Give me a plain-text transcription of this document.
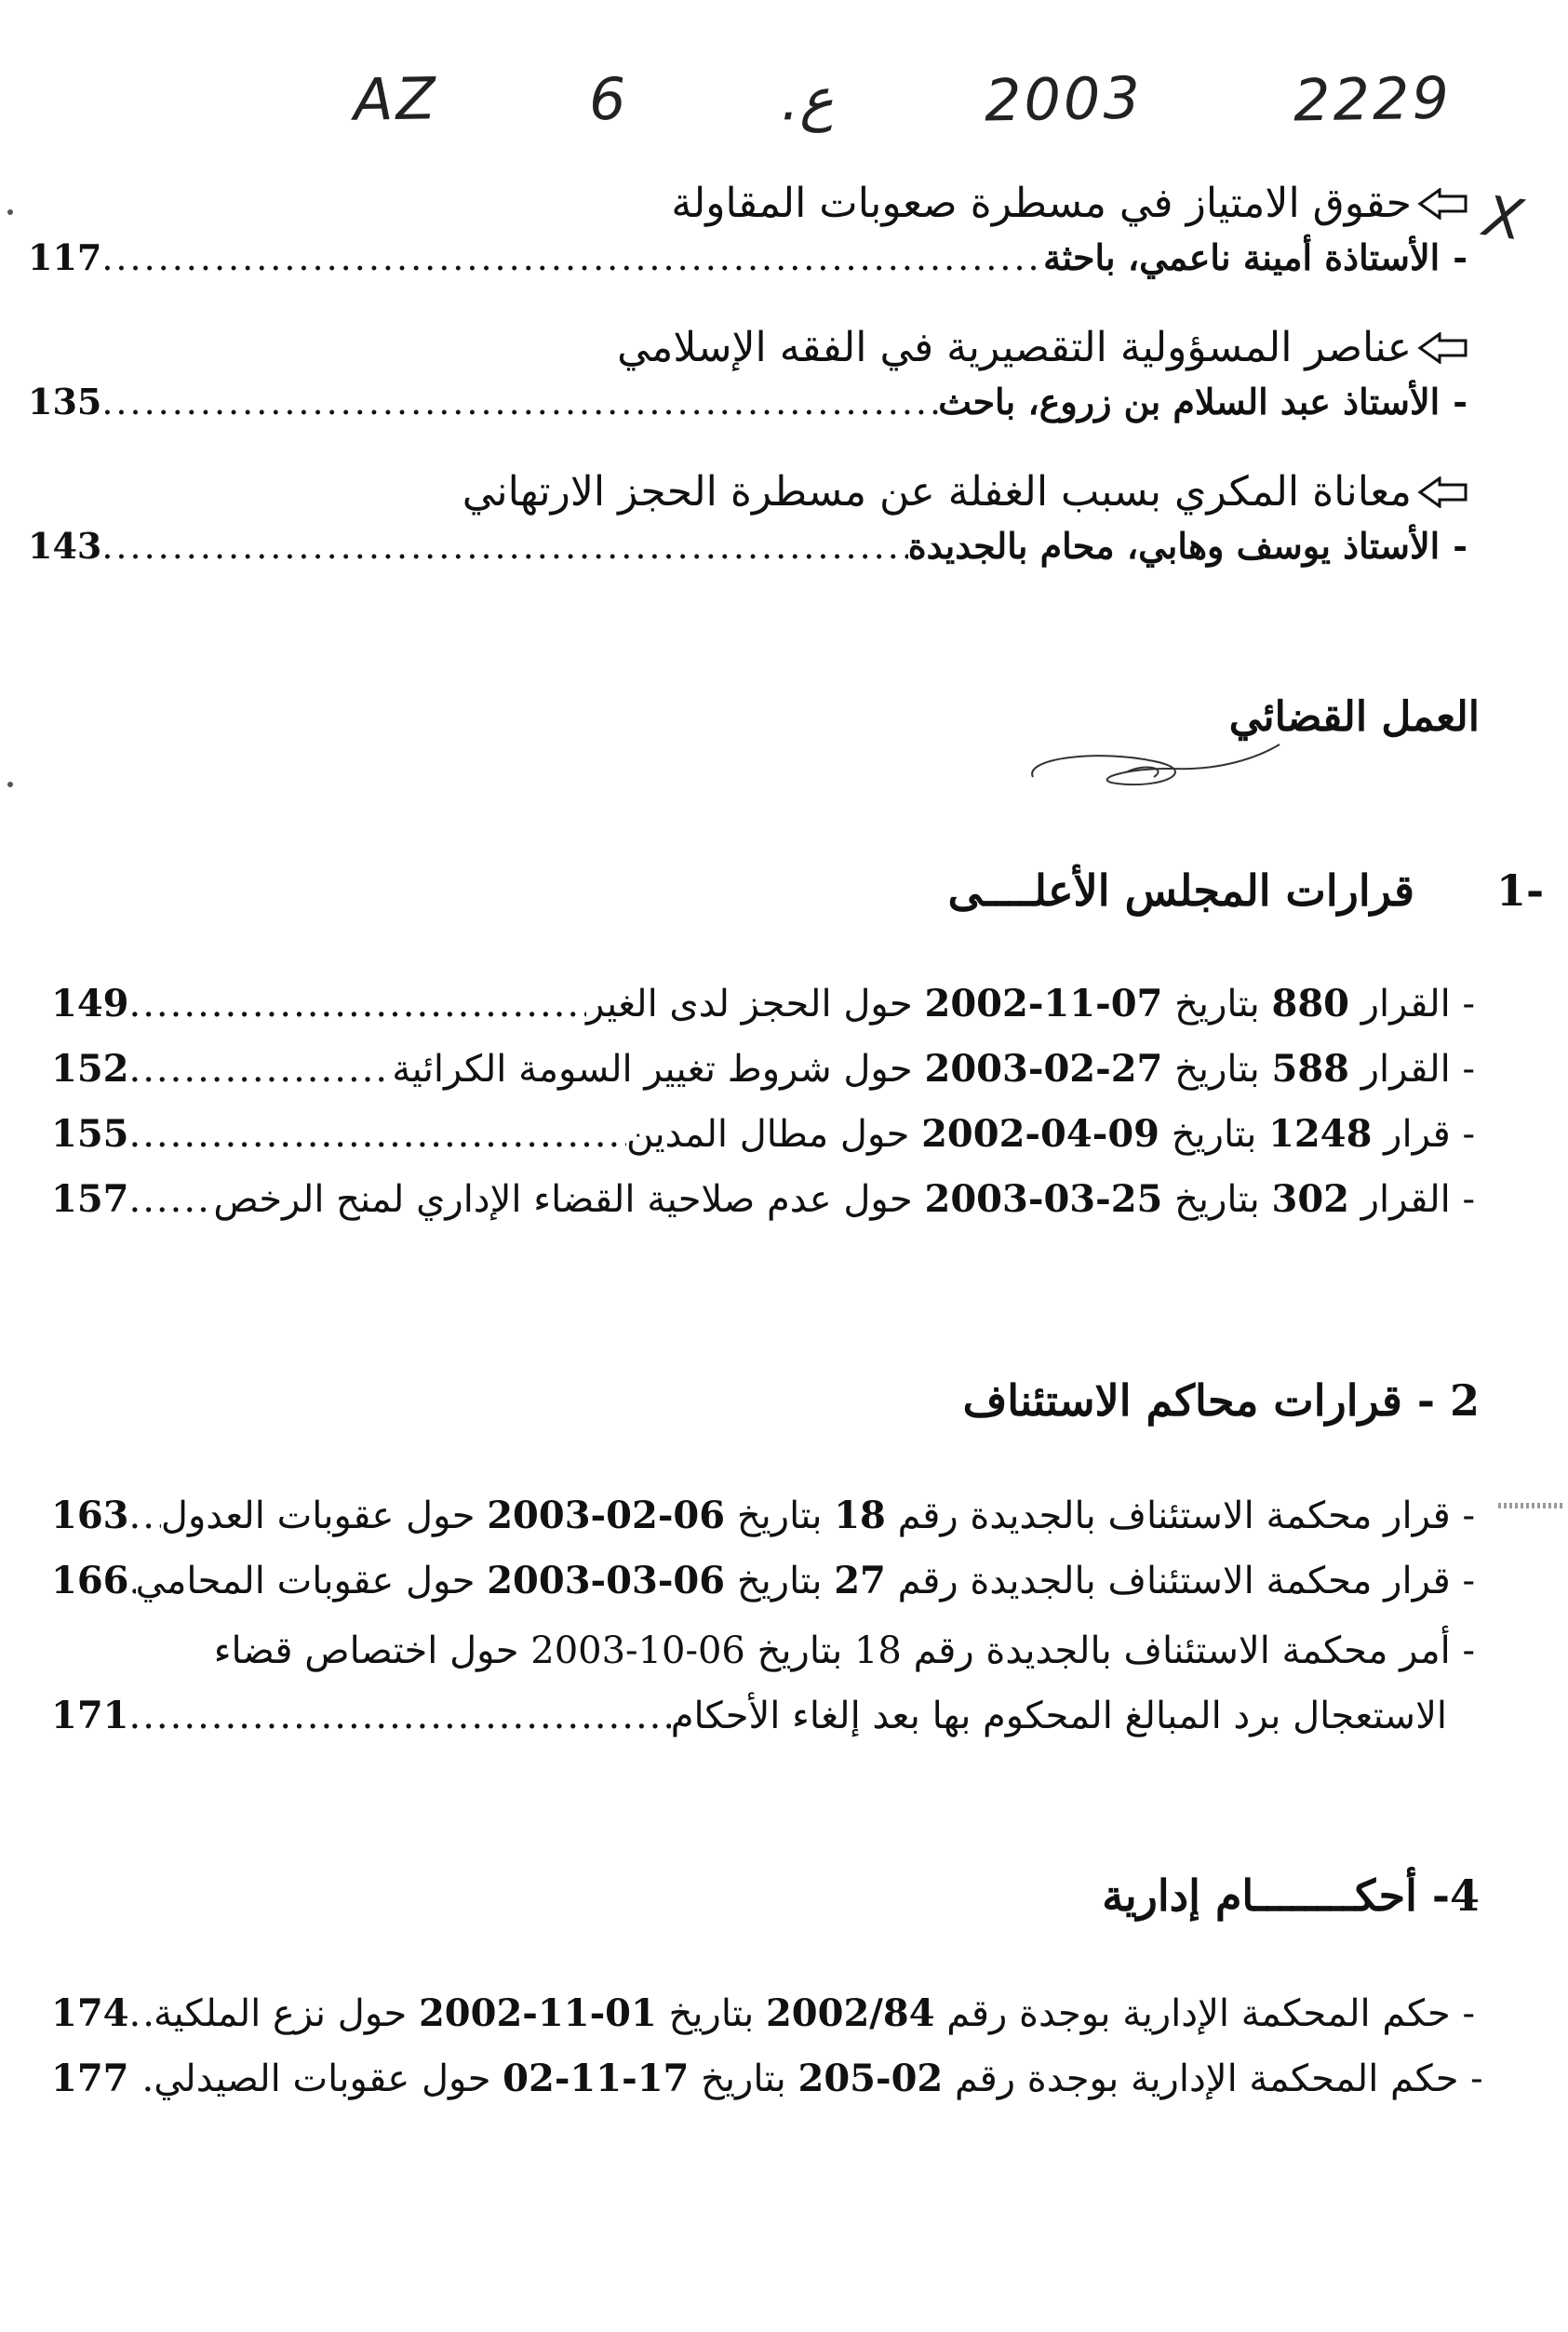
AZ	6	.ع	2003	2229
X
حقوق الامتياز في مسطرة صعوبات المقاولة
117 .....	الأستاذة أمينة ناعمي، باحثة -
عناصر المسؤولية التقصيرية في الفقه الإسلامي
135 .....	الأستاذ عبد السلام بن زروع، باحث -
معاناة المكري بسبب الغفلة عن مسطرة الحجز الارتهاني
143 .....	الأستاذ يوسف وهابي، محام بالجديدة -
العمل القضائي
1-
قرارات المجلس الأعلــــى
149 .....	- القرار 880 بتاريخ 07-11-2002 حول الحجز لدى الغير
152 .....	- القرار 588 بتاريخ 27-02-2003 حول شروط تغيير السومة الكرائية
155 .....	- قرار 1248 بتاريخ 09-04-2002 حول مطال المدين
157 .....	- القرار 302 بتاريخ 25-03-2003 حول عدم صلاحية القضاء الإداري لمنح الرخص
2 - قرارات محاكم الاستئناف
163 .....	- قرار محكمة الاستئناف بالجديدة رقم 18 بتاريخ 06-02-2003 حول عقوبات العدول
166 .....	- قرار محكمة الاستئناف بالجديدة رقم 27 بتاريخ 06-03-2003 حول عقوبات المحامي
- أمر محكمة الاستئناف بالجديدة رقم 18 بتاريخ 06-10-2003 حول اختصاص قضاء
171 .....	الاستعجال برد المبالغ المحكوم بها بعد إلغاء الأحكام
4- أحكــــــــام إدارية
174 .....	- حكم المحكمة الإدارية بوجدة رقم 2002/84 بتاريخ 01-11-2002 حول نزع الملكية
177	- حكم المحكمة الإدارية بوجدة رقم 02-205 بتاريخ 17-11-02 حول عقوبات الصيدلي.
